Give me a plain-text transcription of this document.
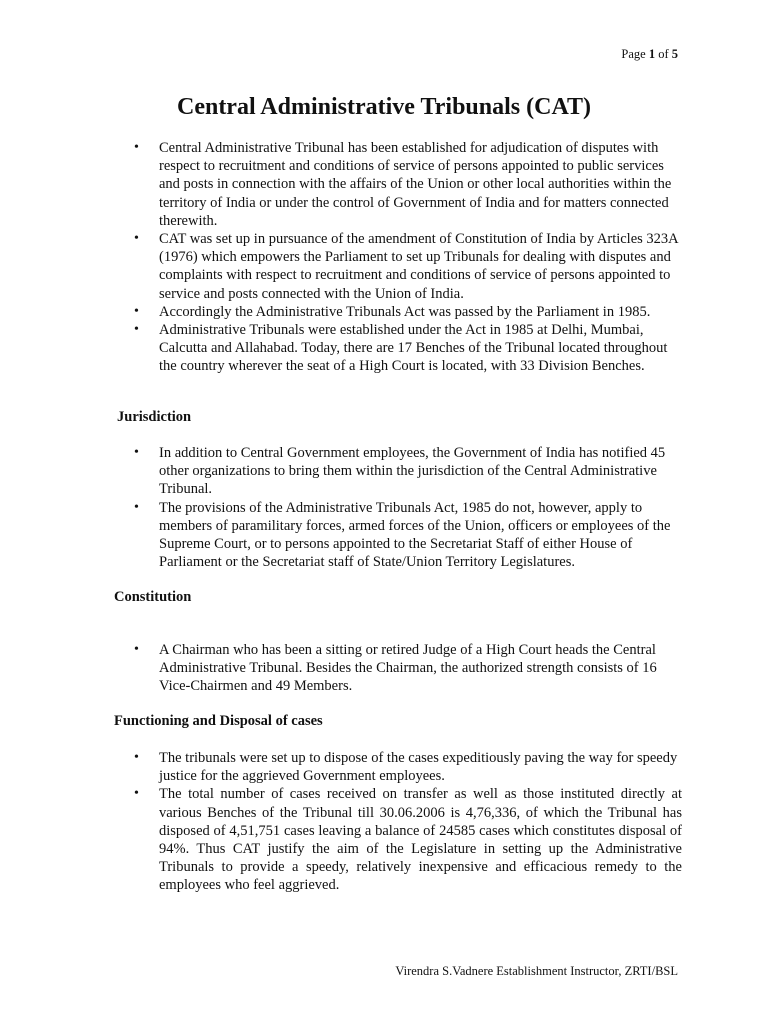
Page 1 of 5
Central Administrative Tribunals (CAT)
• Central Administrative Tribunal has been established for adjudication of disputes with respect to recruitment and conditions of service of persons appointed to public services and posts in connection with the affairs of the Union or other local authorities within the territory of India or under the control of Government of India and for matters connected therewith.
• CAT was set up in pursuance of the amendment of Constitution of India by Articles 323A (1976) which empowers the Parliament to set up Tribunals for dealing with disputes and complaints with respect to recruitment and conditions of service of persons appointed to service and posts connected with the Union of India.
• Accordingly the Administrative Tribunals Act was passed by the Parliament in 1985.
• Administrative Tribunals were established under the Act in 1985 at Delhi, Mumbai, Calcutta and Allahabad. Today, there are 17 Benches of the Tribunal located throughout the country wherever the seat of a High Court is located, with 33 Division Benches.
Jurisdiction
• In addition to Central Government employees, the Government of India has notified 45 other organizations to bring them within the jurisdiction of the Central Administrative Tribunal.
• The provisions of the Administrative Tribunals Act, 1985 do not, however, apply to members of paramilitary forces, armed forces of the Union, officers or employees of the Supreme Court, or to persons appointed to the Secretariat Staff of either House of Parliament or the Secretariat staff of State/Union Territory Legislatures.
Constitution
• A Chairman who has been a sitting or retired Judge of a High Court heads the Central Administrative Tribunal. Besides the Chairman, the authorized strength consists of 16 Vice-Chairmen and 49 Members.
Functioning and Disposal of cases
• The tribunals were set up to dispose of the cases expeditiously paving the way for speedy justice for the aggrieved Government employees.
• The total number of cases received on transfer as well as those instituted directly at various Benches of the Tribunal till 30.06.2006 is 4,76,336, of which the Tribunal has disposed of 4,51,751 cases leaving a balance of 24585 cases which constitutes disposal of 94%. Thus CAT justify the aim of the Legislature in setting up the Administrative Tribunals to provide a speedy, relatively inexpensive and efficacious remedy to the employees who feel aggrieved.
Virendra S.Vadnere Establishment Instructor, ZRTI/BSL
